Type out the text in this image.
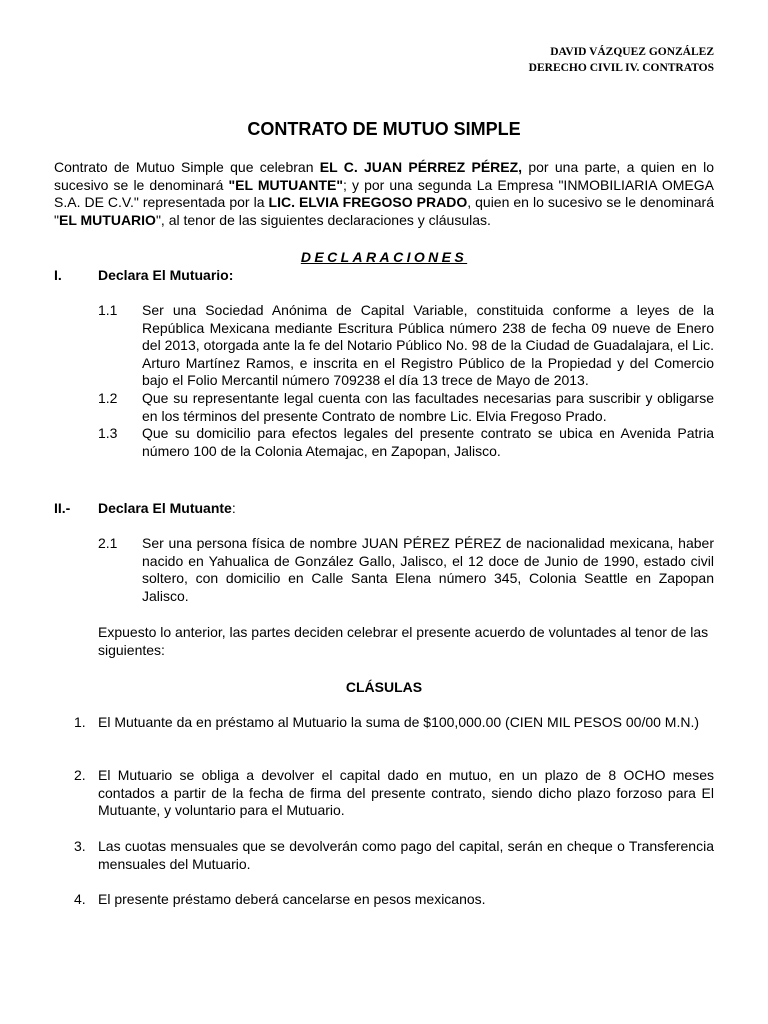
DAVID VÁZQUEZ GONZÁLEZ
DERECHO CIVIL IV. CONTRATOS
CONTRATO DE MUTUO SIMPLE
Contrato de Mutuo Simple que celebran EL C. JUAN PÉRREZ PÉREZ, por una parte, a quien en lo sucesivo se le denominará "EL MUTUANTE"; y por una segunda La Empresa "INMOBILIARIA OMEGA S.A. DE C.V." representada por la LIC. ELVIA FREGOSO PRADO, quien en lo sucesivo se le denominará "EL MUTUARIO", al tenor de las siguientes declaraciones y cláusulas.
DECLARACIONES
I.	Declara El Mutuario:
1.1 Ser una Sociedad Anónima de Capital Variable, constituida conforme a leyes de la República Mexicana mediante Escritura Pública número 238 de fecha 09 nueve de Enero del 2013, otorgada ante la fe del Notario Público No. 98 de la Ciudad de Guadalajara, el Lic. Arturo Martínez Ramos, e inscrita en el Registro Público de la Propiedad y del Comercio bajo el Folio Mercantil número 709238 el día 13 trece de Mayo de 2013.
1.2 Que su representante legal cuenta con las facultades necesarias para suscribir y obligarse en los términos del presente Contrato de nombre Lic. Elvia Fregoso Prado.
1.3 Que su domicilio para efectos legales del presente contrato se ubica en Avenida Patria número 100 de la Colonia Atemajac, en Zapopan, Jalisco.
II.- Declara El Mutuante:
2.1 Ser una persona física de nombre JUAN PÉREZ PÉREZ de nacionalidad mexicana, haber nacido en Yahualica de González Gallo, Jalisco, el 12 doce de Junio de 1990, estado civil soltero, con domicilio en Calle Santa Elena número 345, Colonia Seattle en Zapopan Jalisco.
Expuesto lo anterior, las partes deciden celebrar el presente acuerdo de voluntades al tenor de las siguientes:
CLÁSULAS
1. El Mutuante da en préstamo al Mutuario la suma de $100,000.00 (CIEN MIL PESOS 00/00 M.N.)
2. El Mutuario se obliga a devolver el capital dado en mutuo, en un plazo de 8 OCHO meses contados a partir de la fecha de firma del presente contrato, siendo dicho plazo forzoso para El Mutuante, y voluntario para el Mutuario.
3. Las cuotas mensuales que se devolverán como pago del capital, serán en cheque o Transferencia mensuales del Mutuario.
4. El presente préstamo deberá cancelarse en pesos mexicanos.
